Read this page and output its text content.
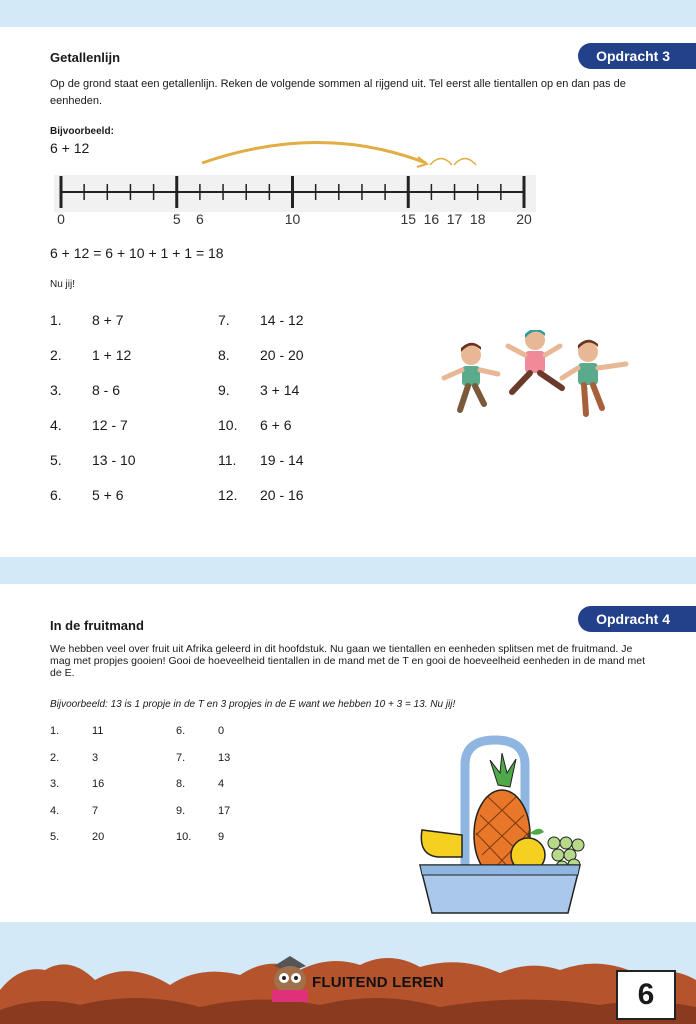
Opdracht 3
Getallenlijn

Op de grond staat een getallenlijn. Reken de volgende sommen al rijgend uit. Tel eerst alle tientallen op en dan pas de eenheden.

Bijvoorbeeld:

6 + 12

0	5 6	10	15 16 17 18 20

6 + 12 = 6 + 10 + 1 + 1 = 18

Nu jij!

1. 8 + 7
2. 1 + 12
3. 8 - 6
4. 12 - 7
5. 13 - 10
6. 5 + 6
7. 14 - 12
8. 20 - 20
9. 3 + 14
10. 6 + 6
11. 19 - 14
12. 20 - 16
Opdracht 4
In de fruitmand

We hebben veel over fruit uit Afrika geleerd in dit hoofdstuk. Nu gaan we tientallen en eenheden splitsen met de fruitmand. Je mag met propjes gooien! Gooi de hoeveelheid tientallen in de mand met de T en gooi de hoeveelheid eenheden in de mand met de E.

Bijvoorbeeld: 13 is 1 propje in de T en 3 propjes in de E want we hebben 10 + 3 = 13. Nu jij!

1.	11
2.	3
3.	16
4.	7
5.	20
6.	0
7.	13
8.	4
9.	17
10. 9
FLUITEND LEREN	6
